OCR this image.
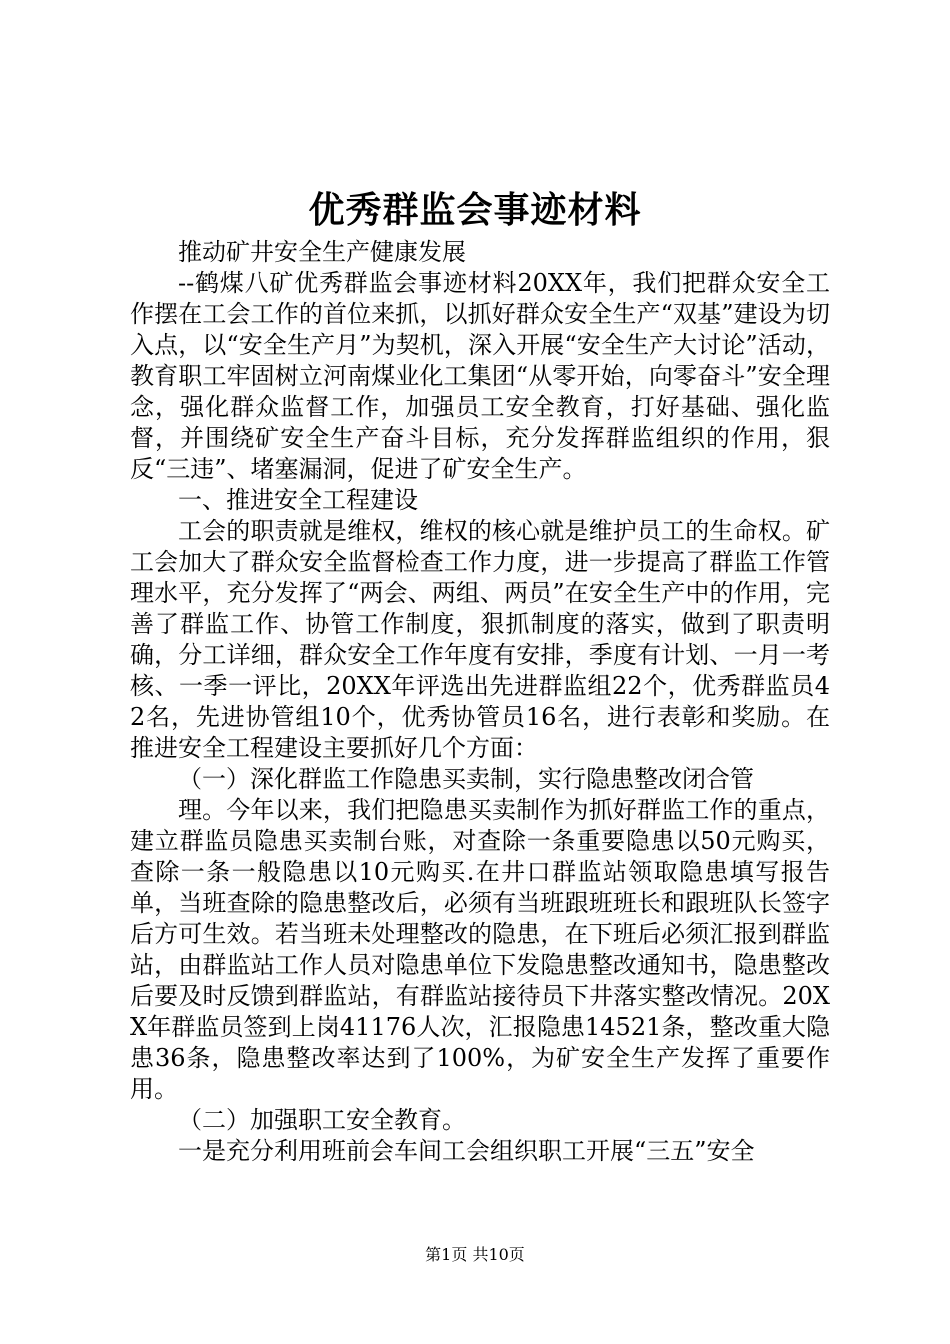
优秀群监会事迹材料

推动矿井安全生产健康发展

--鹤煤八矿优秀群监会事迹材料20XX年，我们把群众安全工作摆在工会工作的首位来抓，以抓好群众安全生产“双基”建设为切入点，以“安全生产月”为契机，深入开展“安全生产大讨论”活动，教育职工牢固树立河南煤业化工集团“从零开始，向零奋斗”安全理念，强化群众监督工作，加强员工安全教育，打好基础、强化监督，并围绕矿安全生产奋斗目标，充分发挥群监组织的作用，狠反“三违”、堵塞漏洞，促进了矿安全生产。

一、推进安全工程建设

工会的职责就是维权，维权的核心就是维护员工的生命权。矿工会加大了群众安全监督检查工作力度，进一步提高了群监工作管理水平，充分发挥了“两会、两组、两员”在安全生产中的作用，完善了群监工作、协管工作制度，狠抓制度的落实，做到了职责明确，分工详细，群众安全工作年度有安排，季度有计划、一月一考核、一季一评比，20XX年评选出先进群监组22个，优秀群监员42名，先进协管组10个，优秀协管员16名，进行表彰和奖励。在推进安全工程建设主要抓好几个方面：

（一）深化群监工作隐患买卖制，实行隐患整改闭合管

理。今年以来，我们把隐患买卖制作为抓好群监工作的重点，建立群监员隐患买卖制台账，对查除一条重要隐患以50元购买，查除一条一般隐患以10元购买.在井口群监站领取隐患填写报告单，当班查除的隐患整改后，必须有当班跟班班长和跟班队长签字后方可生效。若当班未处理整改的隐患，在下班后必须汇报到群监站，由群监站工作人员对隐患单位下发隐患整改通知书，隐患整改后要及时反馈到群监站，有群监站接待员下井落实整改情况。20XX年群监员签到上岗41176人次，汇报隐患14521条，整改重大隐患36条，隐患整改率达到了100%，为矿安全生产发挥了重要作用。

（二）加强职工安全教育。

一是充分利用班前会车间工会组织职工开展“三五”安全

第1页 共10页
